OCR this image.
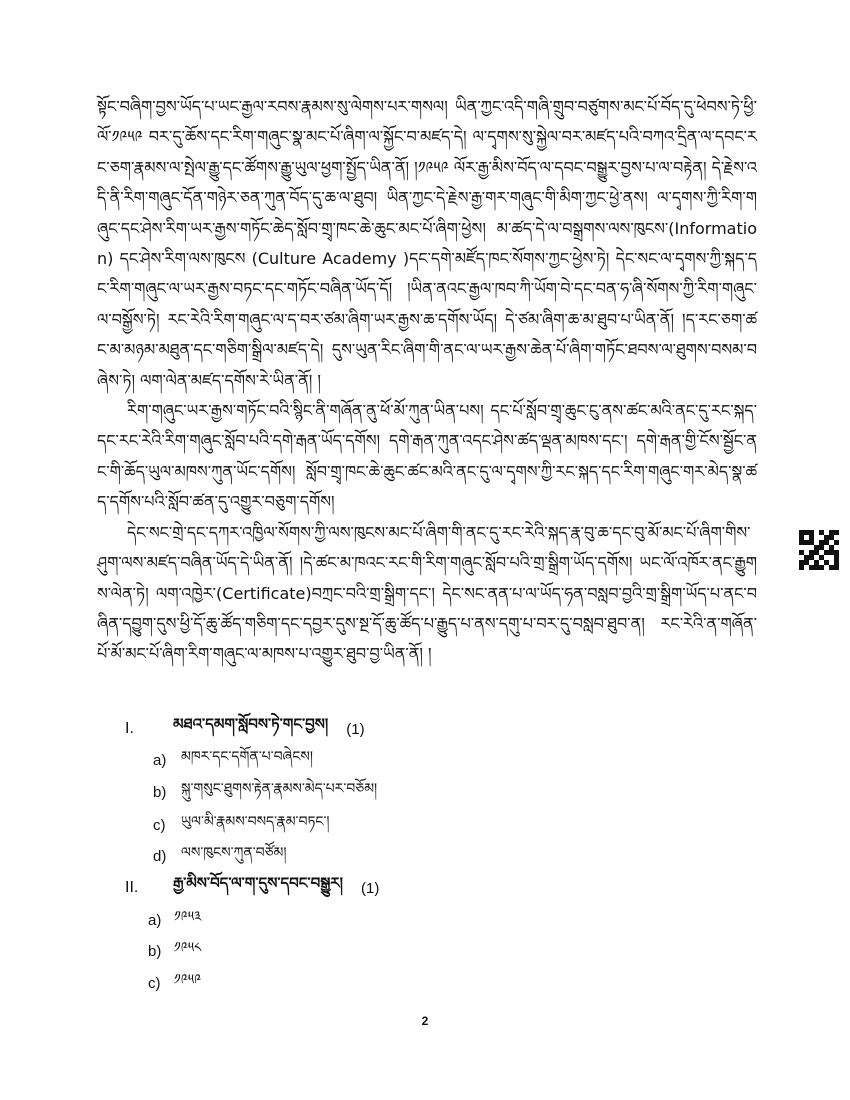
སྟོང་བཞིག་བྱས་ཡོད་པ་ཡང་རྒྱལ་རབས་རྣམས་སུ་ལེགས་པར་གསལ། ཡིན་ཀྱང་འདི་གཞི་གྲུབ་བཙུགས་མང་པོ་བོད་དུ་ཕེབས་ཏེ་ཕྱི་ལོ་༡༩༥༩ བར་དུ་ཆོས་དང་རིག་གཞུང་སྣ་མང་པོ་ཞིག་ལ་སྐྱོང་བ་མཛད་དེ། ལ་དྭགས་སུ་སྐྱེལ་བར་མཛད་པའི་བཀའ་དྲིན་ལ་དབང་རང་ཅག་རྣམས་ལ་སྤེལ་རྒྱུ་དང་ཚོགས་རྒྱུ་ཡུལ་ཕྱག་སྤྱོད་ཡིན་ནོ། །༡༩༥༩ ལོར་རྒྱ་མིས་བོད་ལ་དབང་བསྒྱུར་བྱས་པ་ལ་བརྟེན། དེ་རྗེས་འདི་ནི་རིག་གཞུང་དོན་གཉེར་ཅན་ཀུན་བོད་དུ་ཆ་ལ་ཐུབ། ཡིན་ཀྱང་དེ་རྗེས་རྒྱ་གར་གཞུང་གི་མིག་ཀྱང་ཕྱེ་ནས། ལ་དྭགས་ཀྱི་རིག་གཞུང་དང་ཤེས་རིག་ཡར་རྒྱས་གཏོང་ཆེད་སློབ་གྲྭ་ཁང་ཆེ་ཆུང་མང་པོ་ཞིག་ཕྱེས། མ་ཚད་དེ་ལ་བསྒྲགས་ལས་ཁུངས་(Information) དང་ཤེས་རིག་ལས་ཁུངས (Culture Academy )དང་དགེ་མཛོད་ཁང་སོགས་ཀྱང་ཕྱེས་ཏེ། དེང་སང་ལ་དྭགས་ཀྱི་སྐད་དང་རིག་གཞུང་ལ་ཡར་རྒྱས་བཏང་དང་གཏོང་བཞིན་ཡོད་དོ། །ཡིན་ནའང་རྒྱལ་ཁབ་ཀི་ཡོག་བེ་དང་བན་ཧ་ཞི་སོགས་ཀྱི་རིག་གཞུང་ལ་བསྒྱོས་ཏེ། རང་རེའི་རིག་གཞུང་ལ་ད་བར་ཙམ་ཞིག་ཡར་རྒྱས་ཆ་དགོས་ཡོད། དེ་ཙམ་ཞིག་ཆ་མ་ཐུབ་པ་ཡིན་ནོ། །ད་རང་ཅག་ཚང་མ་མཉམ་མཐུན་དང་གཅིག་སྒྲིལ་མཛད་དེ། དུས་ཡུན་རིང་ཞིག་གི་ནང་ལ་ཡར་རྒྱས་ཆེན་པོ་ཞིག་གཏོང་ཐབས་ལ་ཐུགས་བསམ་བཞེས་ཏེ། ལག་ལེན་མཛད་དགོས་རེ་ཡིན་ནོ། །

རིག་གཞུང་ཡར་རྒྱས་གཏོང་བའི་སྙིང་ནི་གཞོན་ནུ་ཕོ་མོ་ཀུན་ཡིན་པས། དང་པོ་སློབ་གྲྭ་ཆུང་ངུ་ནས་ཚང་མའི་ནང་དུ་རང་སྐད་དང་རང་རེའི་རིག་གཞུང་སློབ་པའི་དགེ་རྒན་ཡོད་དགོས། དགེ་རྒན་ཀུན་འདང་ཤེས་ཚད་ལྡན་མཁས་དང་། དགེ་རྒན་གྱི་ངོས་སྦྱོང་ནང་གི་ཆོད་ཡུལ་མཁས་ཀུན་ཡོང་དགོས། སློབ་གྲྭ་ཁང་ཆེ་ཆུང་ཚང་མའི་ནང་དུ་ལ་དྭགས་ཀྱི་རང་སྐད་དང་རིག་གཞུང་གར་མེད་སྣ་ཚད་དགོས་པའི་སློབ་ཚན་དུ་འགྱུར་བཅུག་དགོས།

དེང་སང་གྲེ་དང་དཀར་འཁྱིལ་སོགས་ཀྱི་ལས་ཁུངས་མང་པོ་ཞིག་གི་ནང་དུ་རང་རེའི་སྐད་རྣ་བུ་ཆ་དང་བུ་མོ་མང་པོ་ཞིག་གིས་ཤུག་ལས་མཛད་བཞིན་ཡོད་དེ་ཡིན་ནོ། །དེ་ཚང་མ་ཁའང་རང་གི་རིག་གཞུང་སློབ་པའི་གྲ་སྒྲིག་ཡོད་དགོས། ཡང་ལོ་འཁོར་ནང་རྒྱུགས་ལེན་ཏེ། ལག་འཁྱེར་(Certificate)བཀྲང་བའི་གྲ་སྒྲིག་དང་། དེང་སང་ནན་པ་ལ་ཡོད་ཧན་བསླབ་བྱའི་གྲ་སྒྲིག་ཡོད་པ་ནང་བཞིན་དབྱུག་དུས་ཕྱི་དོ་ཆུ་ཚོད་གཅིག་དང་དབྱར་དུས་སྔ་དོ་ཆུ་ཚོད་པ་རྒྱུད་པ་ནས་དགུ་པ་བར་དུ་བསླབ་ཐུབ་ན། རང་རེའི་ན་གཞོན་པོ་མོ་མང་པོ་ཞིག་རིག་གཞུང་ལ་མཁས་པ་འགྱུར་ཐུབ་བྱ་ཡིན་ནོ། །

I.	མཐའ་དམག་སློབས་ཏེ་གང་བྱས། (1)
a)	མཁར་དང་དགོན་པ་བཞེངས།
b)	སྐུ་གསུང་ཐུགས་རྟེན་རྣམས་མེད་པར་བཅོམ།
c)	ཡུལ་མི་རྣམས་བསད་རྣམ་བཏང་།
d)	ལས་ཁུངས་ཀུན་བཙོམ།
II.	རྒྱ་མིས་བོད་ལ་ག་དུས་དབང་བསྒྱུར། (1)
a) ༡༩༥༣
b) ༡༩༥༨
c) ༡༩༥༩
2
